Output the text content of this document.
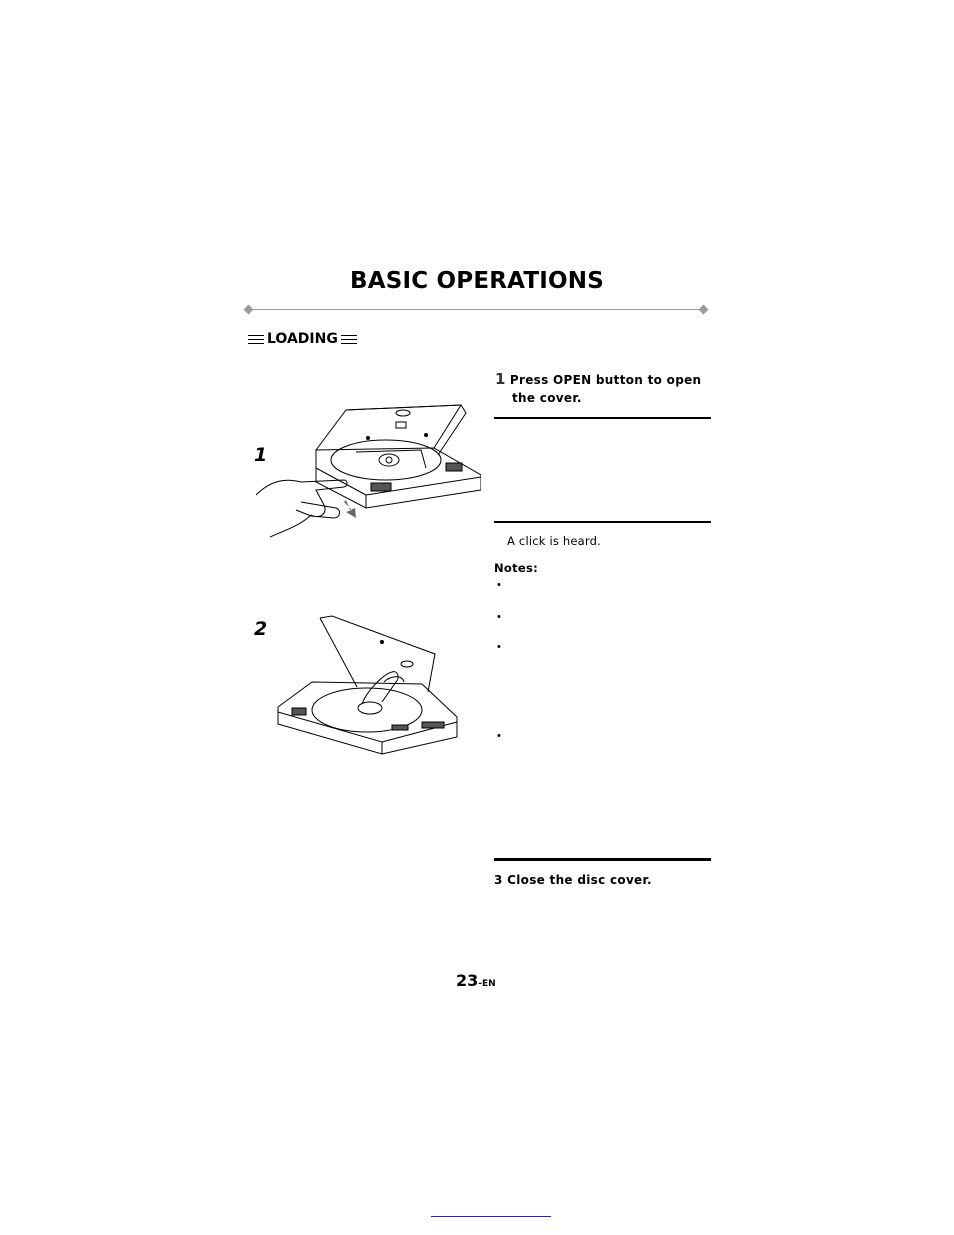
BASIC OPERATIONS
LOADING
1
2
1 Press OPEN button to open
the cover.
A click is heard.
Notes:
•
•
•
•
3 Close the disc cover.
23-EN
